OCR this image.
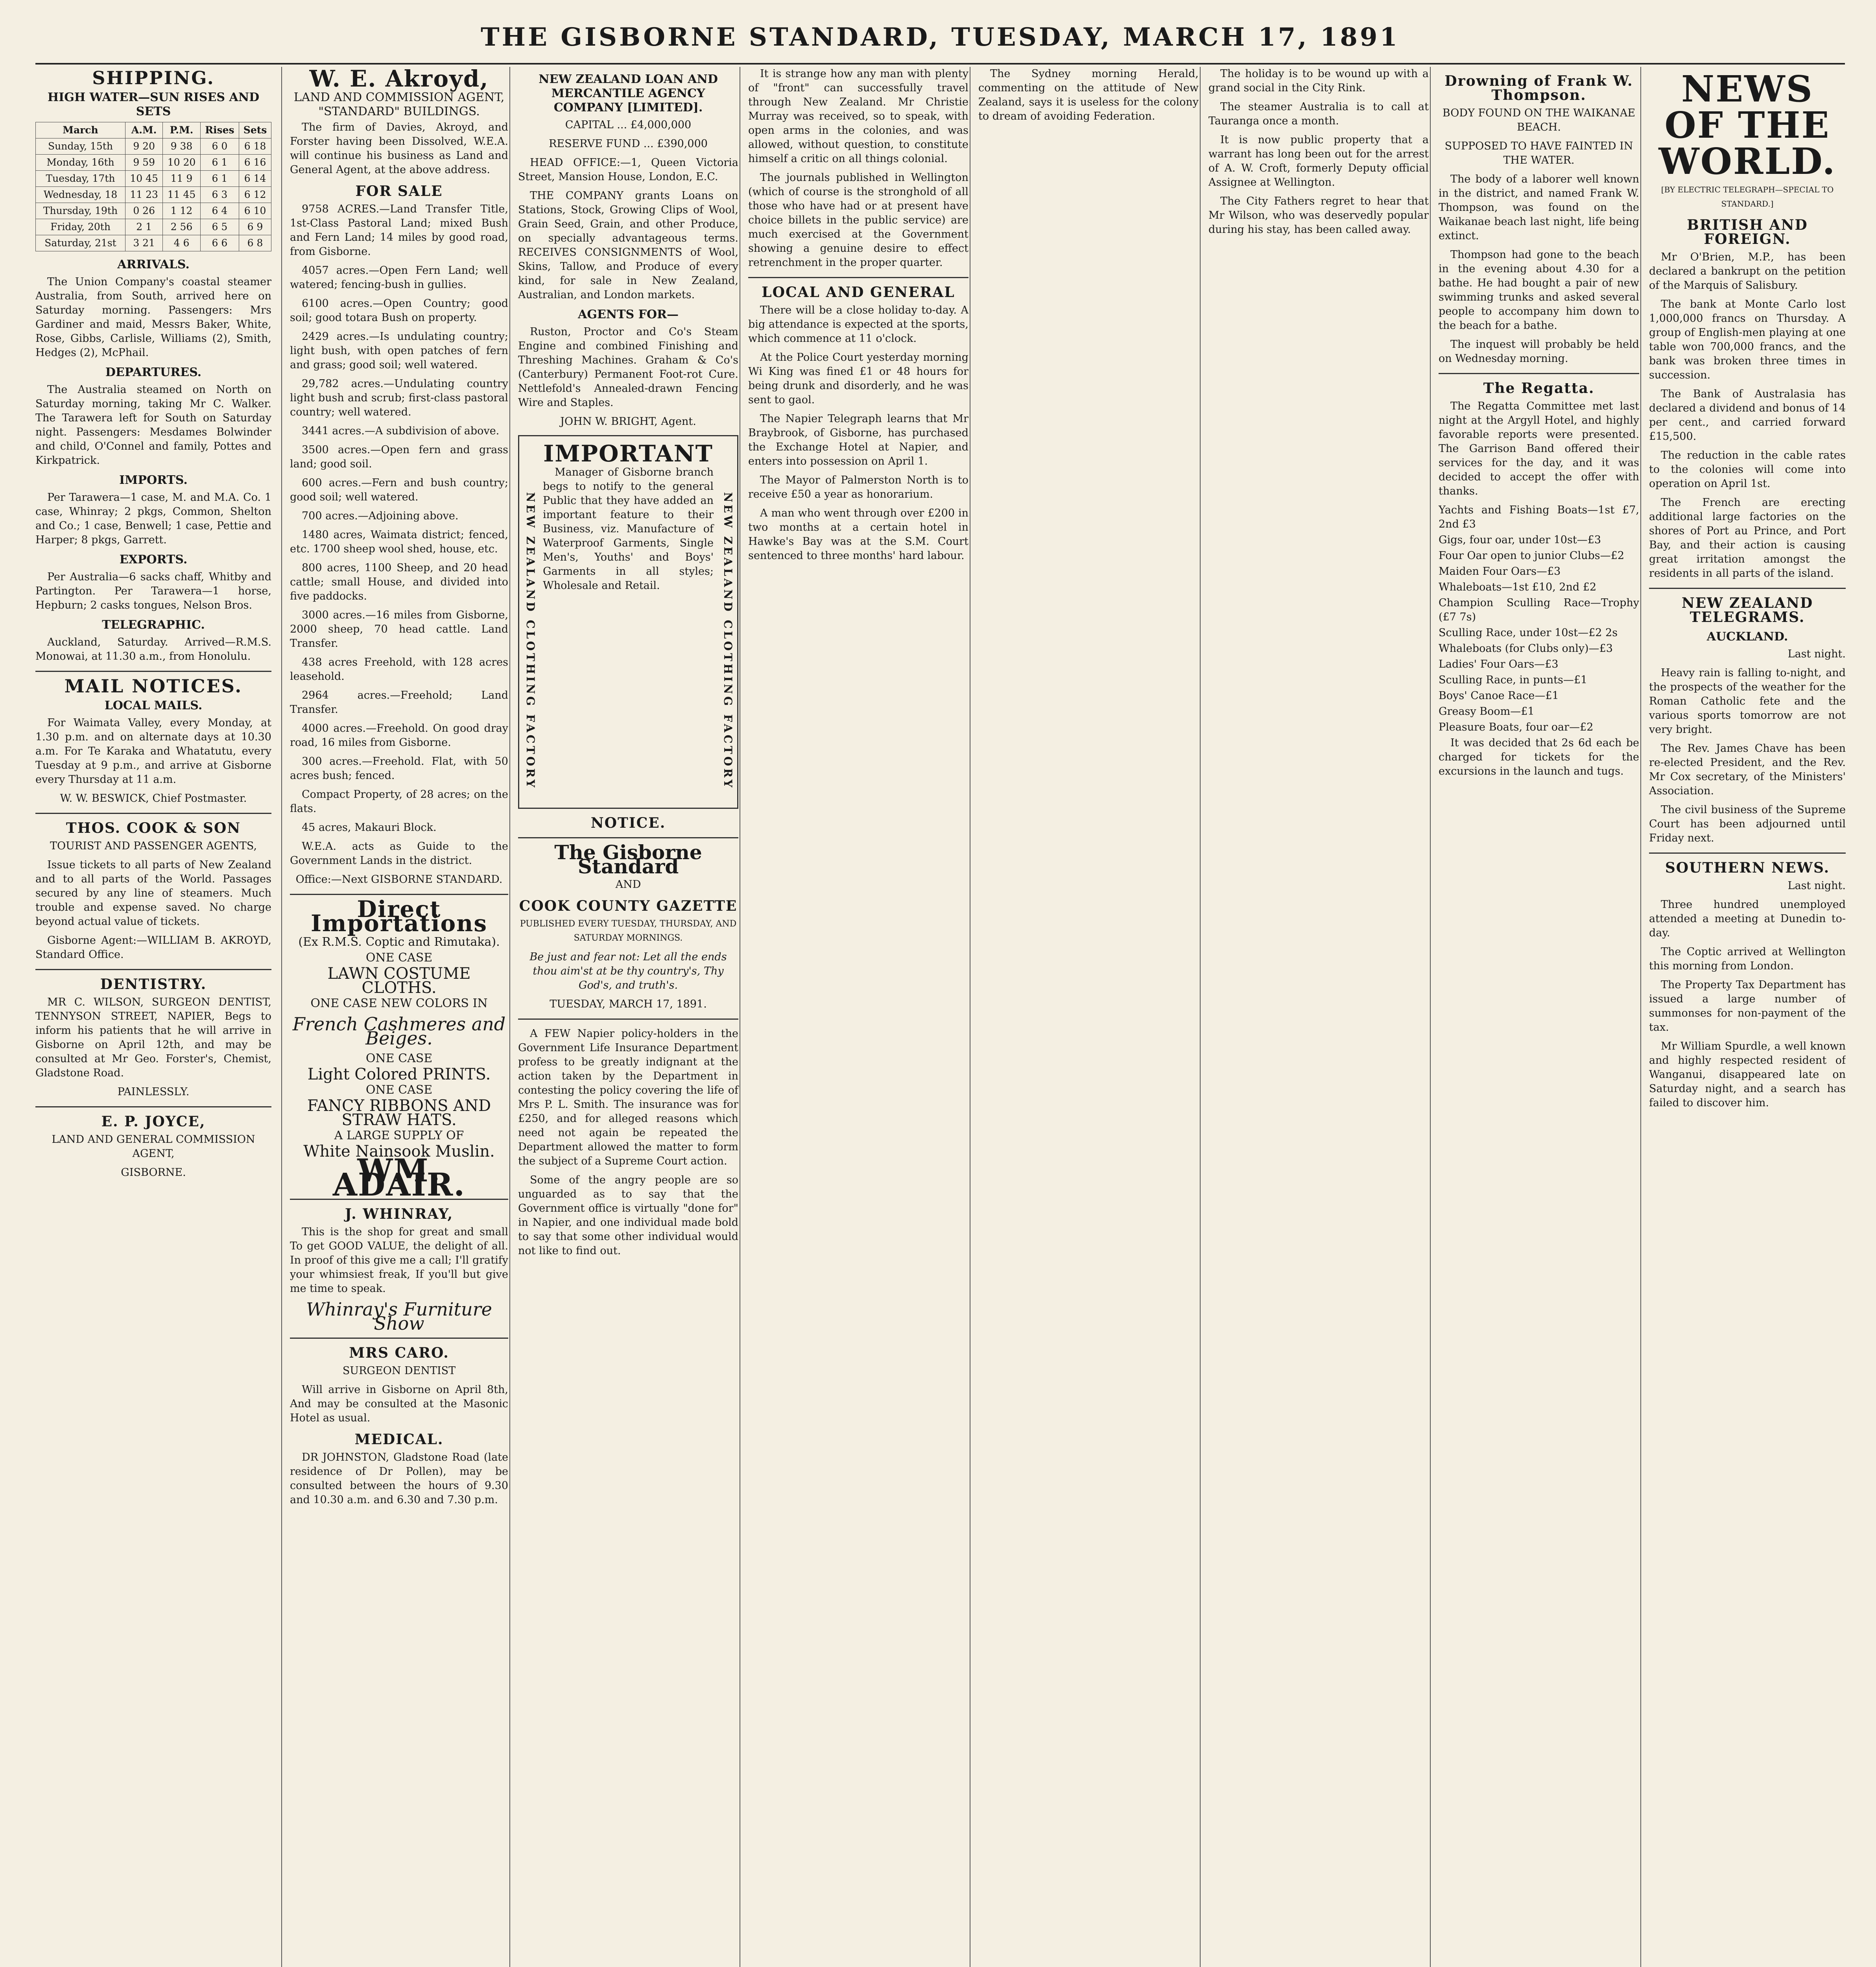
THE GISBORNE STANDARD, TUESDAY, MARCH 17, 1891
SHIPPING.
HIGH WATER—SUN RISES AND SETS
March	A.M.	P.M.	Rises	Sets
Sunday, 15th	9 20	9 38	6 0	6 18
Monday, 16th	9 59	10 20	6 1	6 16
Tuesday, 17th	10 45	11 9	6 1	6 14
Wednesday, 18	11 23	11 45	6 3	6 12
Thursday, 19th	0 26	1 12	6 4	6 10
Friday, 20th	2 1	2 56	6 5	6 9
Saturday, 21st	3 21	4 6	6 6	6 8
ARRIVALS.

The Union Company's coastal steamer Australia, from South, arrived here on Saturday morning. Passengers: Mrs Gardiner and maid, Messrs Baker, White, Rose, Gibbs, Carlisle, Williams (2), Smith, Hedges (2), McPhail.

DEPARTURES.

The Australia steamed on North on Saturday morning, taking Mr C. Walker. The Tarawera left for South on Saturday night. Passengers: Mesdames Bolwinder and child, O'Connel and family, Pottes and Kirkpatrick.

IMPORTS.

Per Tarawera—1 case, M. and M.A. Co. 1 case, Whinray; 2 pkgs, Common, Shelton and Co.; 1 case, Benwell; 1 case, Pettie and Harper; 8 pkgs, Garrett.

EXPORTS.

Per Australia—6 sacks chaff, Whitby and Partington. Per Tarawera—1 horse, Hepburn; 2 casks tongues, Nelson Bros.

TELEGRAPHIC.

Auckland, Saturday. Arrived—R.M.S. Monowai, at 11.30 a.m., from Honolulu.

MAIL NOTICES.
LOCAL MAILS.

For Waimata Valley, every Monday, at 1.30 p.m. and on alternate days at 10.30 a.m. For Te Karaka and Whatatutu, every Tuesday at 9 p.m., and arrive at Gisborne every Thursday at 11 a.m.

W. W. BESWICK, Chief Postmaster.

THOS. COOK & SON

TOURIST AND PASSENGER AGENTS,

Issue tickets to all parts of New Zealand and to all parts of the World. Passages secured by any line of steamers. Much trouble and expense saved. No charge beyond actual value of tickets.

Gisborne Agent:—WILLIAM B. AKROYD, Standard Office.

DENTISTRY.

MR C. WILSON, SURGEON DENTIST, TENNYSON STREET, NAPIER, Begs to inform his patients that he will arrive in Gisborne on April 12th, and may be consulted at Mr Geo. Forster's, Chemist, Gladstone Road.

PAINLESSLY.

E. P. JOYCE,

LAND AND GENERAL COMMISSION AGENT,

GISBORNE.

W. E. Akroyd,

LAND AND COMMISSION AGENT, "STANDARD" BUILDINGS.

The firm of Davies, Akroyd, and Forster having been Dissolved, W.E.A. will continue his business as Land and General Agent, at the above address.

FOR SALE

9758 ACRES.—Land Transfer Title, 1st-Class Pastoral Land; mixed Bush and Fern Land; 14 miles by good road, from Gisborne.

4057 acres.—Open Fern Land; well watered; fencing-bush in gullies.

6100 acres.—Open Country; good soil; good totara Bush on property.

2429 acres.—Is undulating country; light bush, with open patches of fern and grass; good soil; well watered.

29,782 acres.—Undulating country light bush and scrub; first-class pastoral country; well watered.

3441 acres.—A subdivision of above.

3500 acres.—Open fern and grass land; good soil.

600 acres.—Fern and bush country; good soil; well watered.

700 acres.—Adjoining above.

1480 acres, Waimata district; fenced, etc. 1700 sheep wool shed, house, etc.

800 acres, 1100 Sheep, and 20 head cattle; small House, and divided into five paddocks.

3000 acres.—16 miles from Gisborne, 2000 sheep, 70 head cattle. Land Transfer.

438 acres Freehold, with 128 acres leasehold.

2964 acres.—Freehold; Land Transfer.

4000 acres.—Freehold. On good dray road, 16 miles from Gisborne.

300 acres.—Freehold. Flat, with 50 acres bush; fenced.

Compact Property, of 28 acres; on the flats.

45 acres, Makauri Block.

W.E.A. acts as Guide to the Government Lands in the district.

Office:—Next GISBORNE STANDARD.

Direct Importations

(Ex R.M.S. Coptic and Rimutaka).

ONE CASE

LAWN COSTUME CLOTHS.

ONE CASE NEW COLORS IN

French Cashmeres and Beiges.

ONE CASE

Light Colored PRINTS.

ONE CASE

FANCY RIBBONS AND STRAW HATS.

A LARGE SUPPLY OF

White Nainsook Muslin.

WM. ADAIR.
J. WHINRAY,

This is the shop for great and small To get GOOD VALUE, the delight of all. In proof of this give me a call; I'll gratify your whimsiest freak, If you'll but give me time to speak.

Whinray's Furniture Show
MRS CARO.

SURGEON DENTIST

Will arrive in Gisborne on April 8th, And may be consulted at the Masonic Hotel as usual.

MEDICAL.

DR JOHNSTON, Gladstone Road (late residence of Dr Pollen), may be consulted between the hours of 9.30 and 10.30 a.m. and 6.30 and 7.30 p.m.

NEW ZEALAND LOAN AND MERCANTILE AGENCY COMPANY [LIMITED].

CAPITAL ... £4,000,000

RESERVE FUND ... £390,000

HEAD OFFICE:—1, Queen Victoria Street, Mansion House, London, E.C.

THE COMPANY grants Loans on Stations, Stock, Growing Clips of Wool, Grain Seed, Grain, and other Produce, on specially advantageous terms. RECEIVES CONSIGNMENTS of Wool, Skins, Tallow, and Produce of every kind, for sale in New Zealand, Australian, and London markets.

AGENTS FOR—

Ruston, Proctor and Co's Steam Engine and combined Finishing and Threshing Machines. Graham & Co's (Canterbury) Permanent Foot-rot Cure. Nettlefold's Annealed-drawn Fencing Wire and Staples.

JOHN W. BRIGHT, Agent.

IMPORTANT

Manager of Gisborne branch begs to notify to the general Public that they have added an important feature to their Business, viz. Manufacture of Waterproof Garments, Single Men's, Youths' and Boys' Garments in all styles; Wholesale and Retail.

NEW ZEALAND CLOTHING FACTORY	NEW ZEALAND CLOTHING FACTORY
NOTICE.
The Gisborne Standard

AND

COOK COUNTY GAZETTE

PUBLISHED EVERY TUESDAY, THURSDAY, AND SATURDAY MORNINGS.

Be just and fear not: Let all the ends thou aim'st at be thy country's, Thy God's, and truth's.

TUESDAY, MARCH 17, 1891.

A FEW Napier policy-holders in the Government Life Insurance Department profess to be greatly indignant at the action taken by the Department in contesting the policy covering the life of Mrs P. L. Smith. The insurance was for £250, and for alleged reasons which need not again be repeated the Department allowed the matter to form the subject of a Supreme Court action.

Some of the angry people are so unguarded as to say that the Government office is virtually "done for" in Napier, and one individual made bold to say that some other individual would not like to find out.

It is strange how any man with plenty of "front" can successfully travel through New Zealand. Mr Christie Murray was received, so to speak, with open arms in the colonies, and was allowed, without question, to constitute himself a critic on all things colonial.

The journals published in Wellington (which of course is the stronghold of all those who have had or at present have choice billets in the public service) are much exercised at the Government showing a genuine desire to effect retrenchment in the proper quarter.

LOCAL AND GENERAL

There will be a close holiday to-day. A big attendance is expected at the sports, which commence at 11 o'clock.

At the Police Court yesterday morning Wi King was fined £1 or 48 hours for being drunk and disorderly, and he was sent to gaol.

The Napier Telegraph learns that Mr Braybrook, of Gisborne, has purchased the Exchange Hotel at Napier, and enters into possession on April 1.

The Mayor of Palmerston North is to receive £50 a year as honorarium.

A man who went through over £200 in two months at a certain hotel in Hawke's Bay was at the S.M. Court sentenced to three months' hard labour.

The Sydney morning Herald, commenting on the attitude of New Zealand, says it is useless for the colony to dream of avoiding Federation.

The holiday is to be wound up with a grand social in the City Rink.

The steamer Australia is to call at Tauranga once a month.

It is now public property that a warrant has long been out for the arrest of A. W. Croft, formerly Deputy official Assignee at Wellington.

The City Fathers regret to hear that Mr Wilson, who was deservedly popular during his stay, has been called away.

Drowning of Frank W. Thompson.

BODY FOUND ON THE WAIKANAE BEACH.

SUPPOSED TO HAVE FAINTED IN THE WATER.

The body of a laborer well known in the district, and named Frank W. Thompson, was found on the Waikanae beach last night, life being extinct.

Thompson had gone to the beach in the evening about 4.30 for a bathe. He had bought a pair of new swimming trunks and asked several people to accompany him down to the beach for a bathe.

The inquest will probably be held on Wednesday morning.

The Regatta.

The Regatta Committee met last night at the Argyll Hotel, and highly favorable reports were presented. The Garrison Band offered their services for the day, and it was decided to accept the offer with thanks.

Yachts and Fishing Boats—1st £7, 2nd £3

Gigs, four oar, under 10st—£3

Four Oar open to junior Clubs—£2

Maiden Four Oars—£3

Whaleboats—1st £10, 2nd £2

Champion Sculling Race—Trophy (£7 7s)

Sculling Race, under 10st—£2 2s

Whaleboats (for Clubs only)—£3

Ladies' Four Oars—£3

Sculling Race, in punts—£1

Boys' Canoe Race—£1

Greasy Boom—£1

Pleasure Boats, four oar—£2

It was decided that 2s 6d each be charged for tickets for the excursions in the launch and tugs.

NEWS OF THE WORLD.

[BY ELECTRIC TELEGRAPH—SPECIAL TO STANDARD.]

BRITISH AND FOREIGN.

Mr O'Brien, M.P., has been declared a bankrupt on the petition of the Marquis of Salisbury.

The bank at Monte Carlo lost 1,000,000 francs on Thursday. A group of English-men playing at one table won 700,000 francs, and the bank was broken three times in succession.

The Bank of Australasia has declared a dividend and bonus of 14 per cent., and carried forward £15,500.

The reduction in the cable rates to the colonies will come into operation on April 1st.

The French are erecting additional large factories on the shores of Port au Prince, and Port Bay, and their action is causing great irritation amongst the residents in all parts of the island.

NEW ZEALAND TELEGRAMS.
AUCKLAND.

Last night.

Heavy rain is falling to-night, and the prospects of the weather for the Roman Catholic fete and the various sports tomorrow are not very bright.

The Rev. James Chave has been re-elected President, and the Rev. Mr Cox secretary, of the Ministers' Association.

The civil business of the Supreme Court has been adjourned until Friday next.

SOUTHERN NEWS.

Last night.

Three hundred unemployed attended a meeting at Dunedin to-day.

The Coptic arrived at Wellington this morning from London.

The Property Tax Department has issued a large number of summonses for non-payment of the tax.

Mr William Spurdle, a well known and highly respected resident of Wanganui, disappeared late on Saturday night, and a search has failed to discover him.
